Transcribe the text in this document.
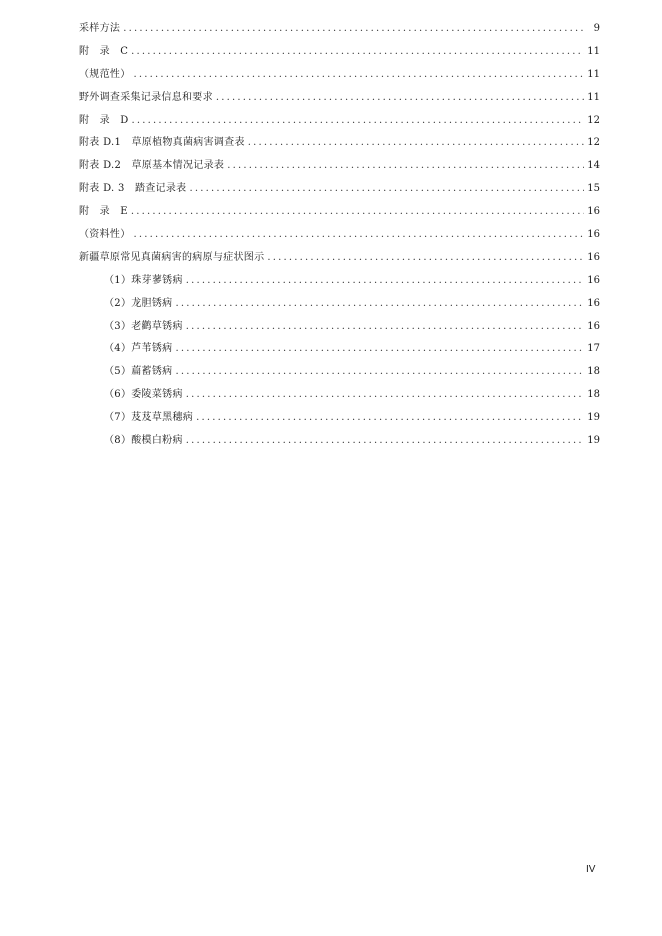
采样方法 .....	9
附　录　C .....	11
（规范性） .....	11
野外调查采集记录信息和要求 .....	11
附　录　D .....	12
附表 D.1　草原植物真菌病害调查表 .....	12
附表 D.2　草原基本情况记录表 .....	14
附表 D. 3　踏查记录表 .....	15
附　录　E .....	16
（资料性） .....	16
新疆草原常见真菌病害的病原与症状图示 .....	16
（1）珠芽蓼锈病 .....	16
（2）龙胆锈病 .....	16
（3）老鹳草锈病 .....	16
（4）芦苇锈病 .....	17
（5）萹蓄锈病 .....	18
（6）委陵菜锈病 .....	18
（7）芨芨草黑穗病 .....	19
（8）酸模白粉病 .....	19
IV
